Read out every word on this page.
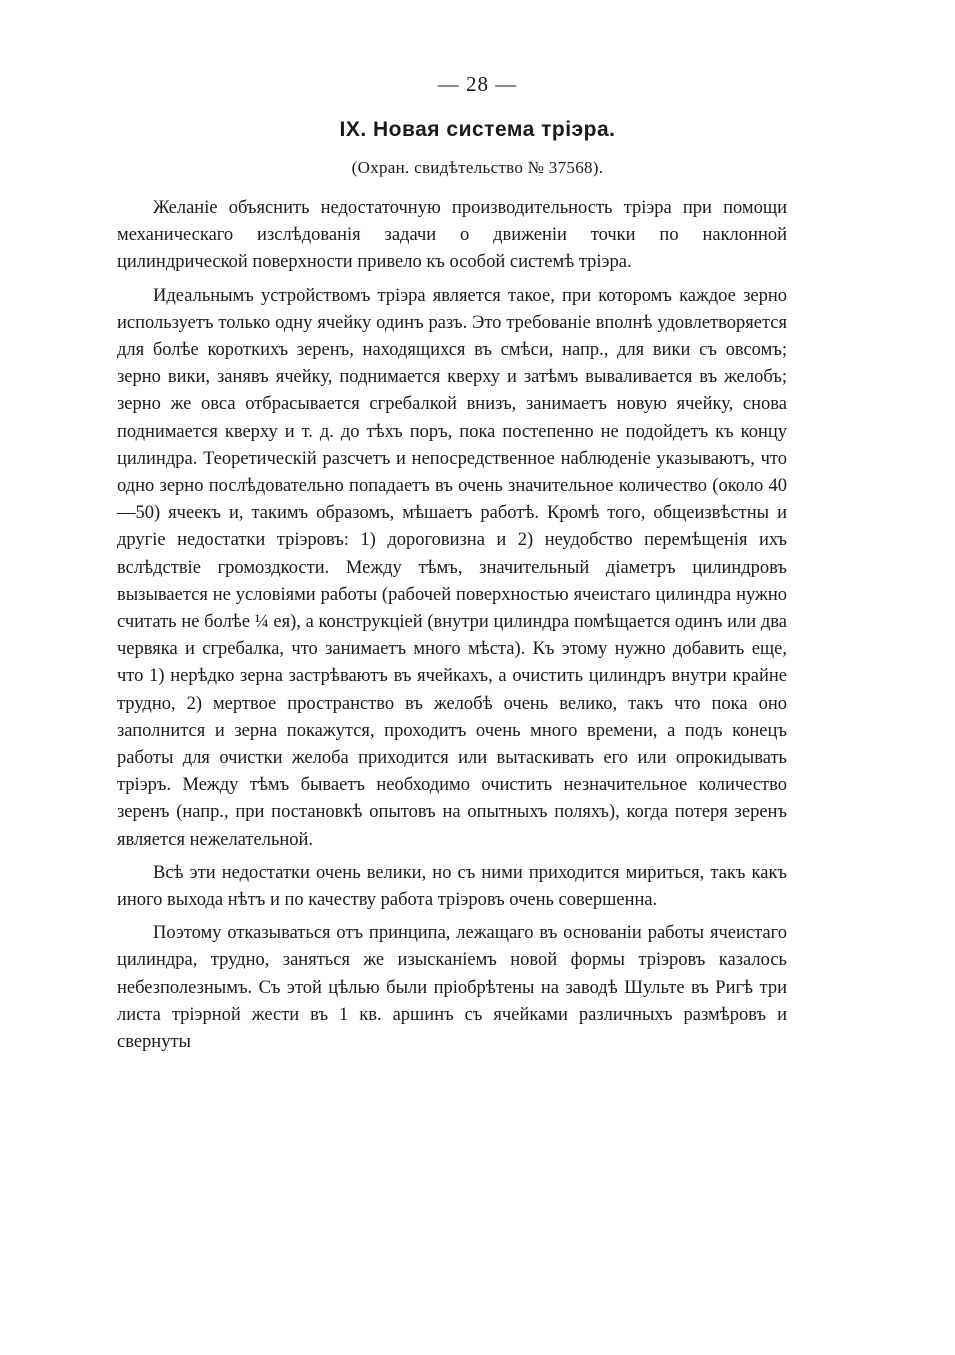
— 28 —
IX. Новая система тріэра.
(Охран. свидѣтельство № 37568).

Желаніе объяснить недостаточную производительность тріэра при помощи механическаго изслѣдованія задачи о движеніи точки по наклонной цилиндрической поверхности привело къ особой системѣ тріэра.

Идеальнымъ устройствомъ тріэра является такое, при которомъ каждое зерно используетъ только одну ячейку одинъ разъ. Это требованіе вполнѣ удовлетворяется для болѣе короткихъ зеренъ, находящихся въ смѣси, напр., для вики съ овсомъ; зерно вики, занявъ ячейку, поднимается кверху и затѣмъ вываливается въ желобъ; зерно же овса отбрасывается сгребалкой внизъ, занимаетъ новую ячейку, снова поднимается кверху и т. д. до тѣхъ поръ, пока постепенно не подойдетъ къ концу цилиндра. Теоретическій разсчетъ и непосредственное наблюденіе указываютъ, что одно зерно послѣдовательно попадаетъ въ очень значительное количество (около 40—50) ячеекъ и, такимъ образомъ, мѣшаетъ работѣ. Кромѣ того, общеизвѣстны и другіе недостатки тріэровъ: 1) дороговизна и 2) неудобство перемѣщенія ихъ вслѣдствіе громоздкости. Между тѣмъ, значительный діаметръ цилиндровъ вызывается не условіями работы (рабочей поверхностью ячеистаго цилиндра нужно считать не болѣе ¼ ея), а конструкціей (внутри цилиндра помѣщается одинъ или два червяка и сгребалка, что занимаетъ много мѣста). Къ этому нужно добавить еще, что 1) нерѣдко зерна застрѣваютъ въ ячейкахъ, а очистить цилиндръ внутри крайне трудно, 2) мертвое пространство въ желобѣ очень велико, такъ что пока оно заполнится и зерна покажутся, проходитъ очень много времени, а подъ конецъ работы для очистки желоба приходится или вытаскивать его или опрокидывать тріэръ. Между тѣмъ бываетъ необходимо очистить незначительное количество зеренъ (напр., при постановкѣ опытовъ на опытныхъ поляхъ), когда потеря зеренъ является нежелательной.

Всѣ эти недостатки очень велики, но съ ними приходится мириться, такъ какъ иного выхода нѣтъ и по качеству работа тріэровъ очень совершенна.

Поэтому отказываться отъ принципа, лежащаго въ основаніи работы ячеистаго цилиндра, трудно, заняться же изысканіемъ новой формы тріэровъ казалось небезполезнымъ. Съ этой цѣлью были пріобрѣтены на заводѣ Шульте въ Ригѣ три листа тріэрной жести въ 1 кв. аршинъ съ ячейками различныхъ размѣровъ и свернуты
